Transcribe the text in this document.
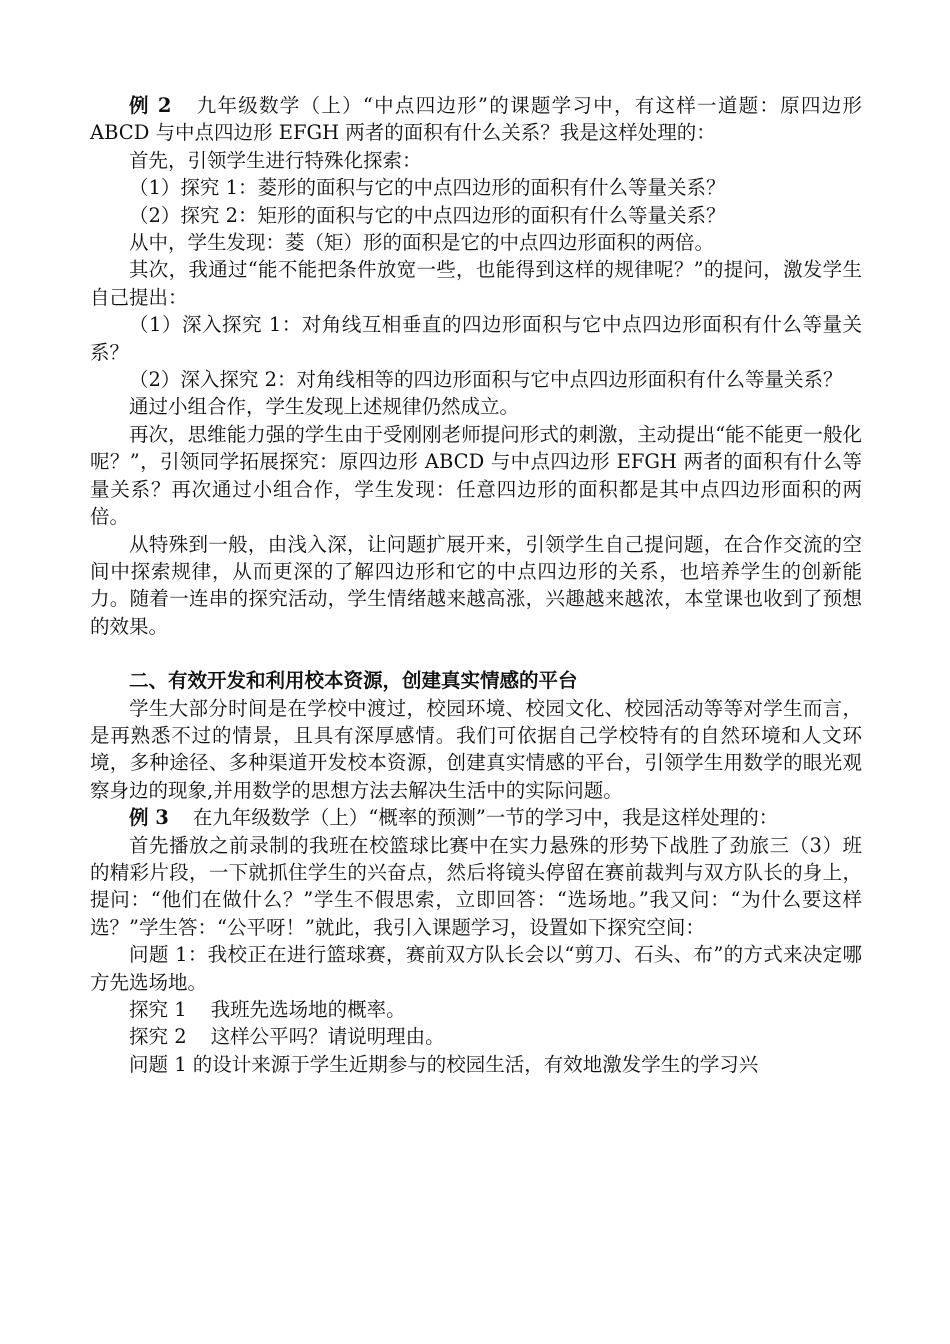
例 2 九年级数学（上）“中点四边形”的课题学习中，有这样一道题：原四边形 ABCD 与中点四边形 EFGH 两者的面积有什么关系？我是这样处理的：

首先，引领学生进行特殊化探索：

（1）探究 1：菱形的面积与它的中点四边形的面积有什么等量关系？

（2）探究 2：矩形的面积与它的中点四边形的面积有什么等量关系？

从中，学生发现：菱（矩）形的面积是它的中点四边形面积的两倍。

其次，我通过“能不能把条件放宽一些，也能得到这样的规律呢？”的提问，激发学生自己提出：

（1）深入探究 1：对角线互相垂直的四边形面积与它中点四边形面积有什么等量关系？

（2）深入探究 2：对角线相等的四边形面积与它中点四边形面积有什么等量关系？

通过小组合作，学生发现上述规律仍然成立。

再次，思维能力强的学生由于受刚刚老师提问形式的刺激，主动提出“能不能更一般化呢？”，引领同学拓展探究：原四边形 ABCD 与中点四边形 EFGH 两者的面积有什么等量关系？再次通过小组合作，学生发现：任意四边形的面积都是其中点四边形面积的两倍。

从特殊到一般，由浅入深，让问题扩展开来，引领学生自己提问题，在合作交流的空间中探索规律，从而更深的了解四边形和它的中点四边形的关系，也培养学生的创新能力。随着一连串的探究活动，学生情绪越来越高涨，兴趣越来越浓，本堂课也收到了预想的效果。

二、有效开发和利用校本资源，创建真实情感的平台

学生大部分时间是在学校中渡过，校园环境、校园文化、校园活动等等对学生而言，是再熟悉不过的情景，且具有深厚感情。我们可依据自己学校特有的自然环境和人文环境，多种途径、多种渠道开发校本资源，创建真实情感的平台，引领学生用数学的眼光观察身边的现象,并用数学的思想方法去解决生活中的实际问题。

例 3 在九年级数学（上）“概率的预测”一节的学习中，我是这样处理的：

首先播放之前录制的我班在校篮球比赛中在实力悬殊的形势下战胜了劲旅三（3）班的精彩片段，一下就抓住学生的兴奋点，然后将镜头停留在赛前裁判与双方队长的身上，提问：“他们在做什么？”学生不假思索，立即回答：“选场地。”我又问：“为什么要这样选？”学生答：“公平呀！”就此，我引入课题学习，设置如下探究空间：

问题 1：我校正在进行篮球赛，赛前双方队长会以“剪刀、石头、布”的方式来决定哪方先选场地。

探究 1 我班先选场地的概率。

探究 2 这样公平吗？请说明理由。

问题 1 的设计来源于学生近期参与的校园生活，有效地激发学生的学习兴
